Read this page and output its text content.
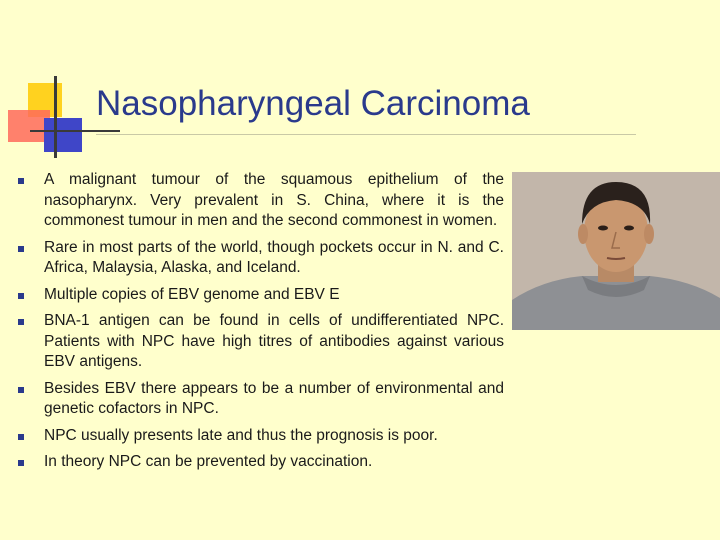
Nasopharyngeal Carcinoma
A malignant tumour of the squamous epithelium of the nasopharynx. Very prevalent in S. China, where it is the commonest tumour in men and the second commonest in women.
Rare in most parts of the world, though pockets occur in N. and C. Africa, Malaysia, Alaska, and Iceland.
Multiple copies of EBV genome and EBV E
BNA-1 antigen can be found in cells of undifferentiated NPC. Patients with NPC have high titres of antibodies against various EBV antigens.
Besides EBV there appears to be a number of environmental and genetic cofactors in NPC.
NPC usually presents late and thus the prognosis is poor.
In theory NPC can be prevented by vaccination.
